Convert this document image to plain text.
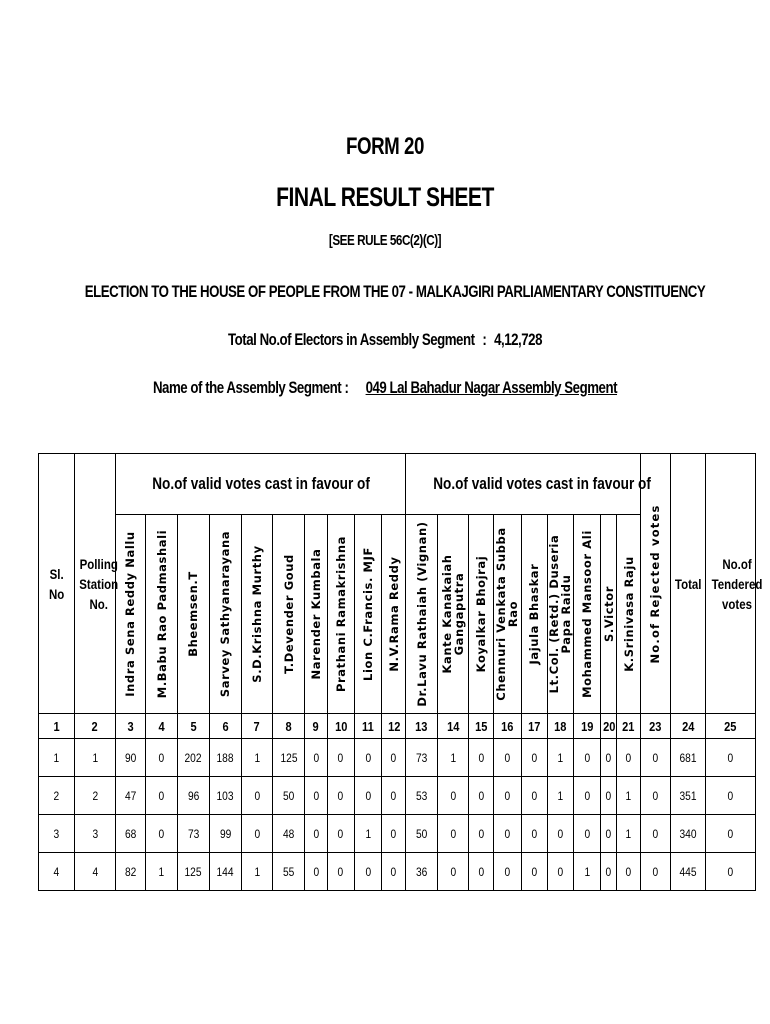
FORM 20
FINAL RESULT SHEET
[SEE RULE 56C(2)(C)]
ELECTION TO THE HOUSE OF PEOPLE FROM THE 07 - MALKAJGIRI PARLIAMENTARY CONSTITUENCY
Total No.of Electors in Assembly Segment : 4,12,728
Name of the Assembly Segment : 049 Lal Bahadur Nagar Assembly Segment
Sl. No	Polling Station No.	No.of valid votes cast in favour of										No.of valid votes cast in favour of									No.of Rejected votes	Total	No.of Tendered votes

		Indra Sena Reddy Nallu	M.Babu Rao Padmashali	Bheemsen.T	Sarvey Sathyanarayana	S.D.Krishna Murthy	T.Devender Goud	Narender Kumbala	Prathani Ramakrishna	Lion C.Francis. MJF	N.V.Rama Reddy	Dr.Lavu Rathaiah (Vignan)	Kante Kanakaiah Gangaputra	Koyalkar Bhojraj	Chennuri Venkata Subba Rao	Jajula Bhaskar	Lt.Col. (Retd.) Duseria Papa Raidu	Mohammed Mansoor Ali	S.Victor	K.Srinivasa Raju			

1	2	3	4	5	6	7	8	9	10	11	12	13	14	15	16	17	18	19	20	21	23	24	25
1	1	90	0	202	188	1	125	0	0	0	0	73	1	0	0	0	1	0	0	0	0	681	0
2	2	47	0	96	103	0	50	0	0	0	0	53	0	0	0	0	1	0	0	1	0	351	0
3	3	68	0	73	99	0	48	0	0	1	0	50	0	0	0	0	0	0	0	1	0	340	0
4	4	82	1	125	144	1	55	0	0	0	0	36	0	0	0	0	0	1	0	0	0	445	0
